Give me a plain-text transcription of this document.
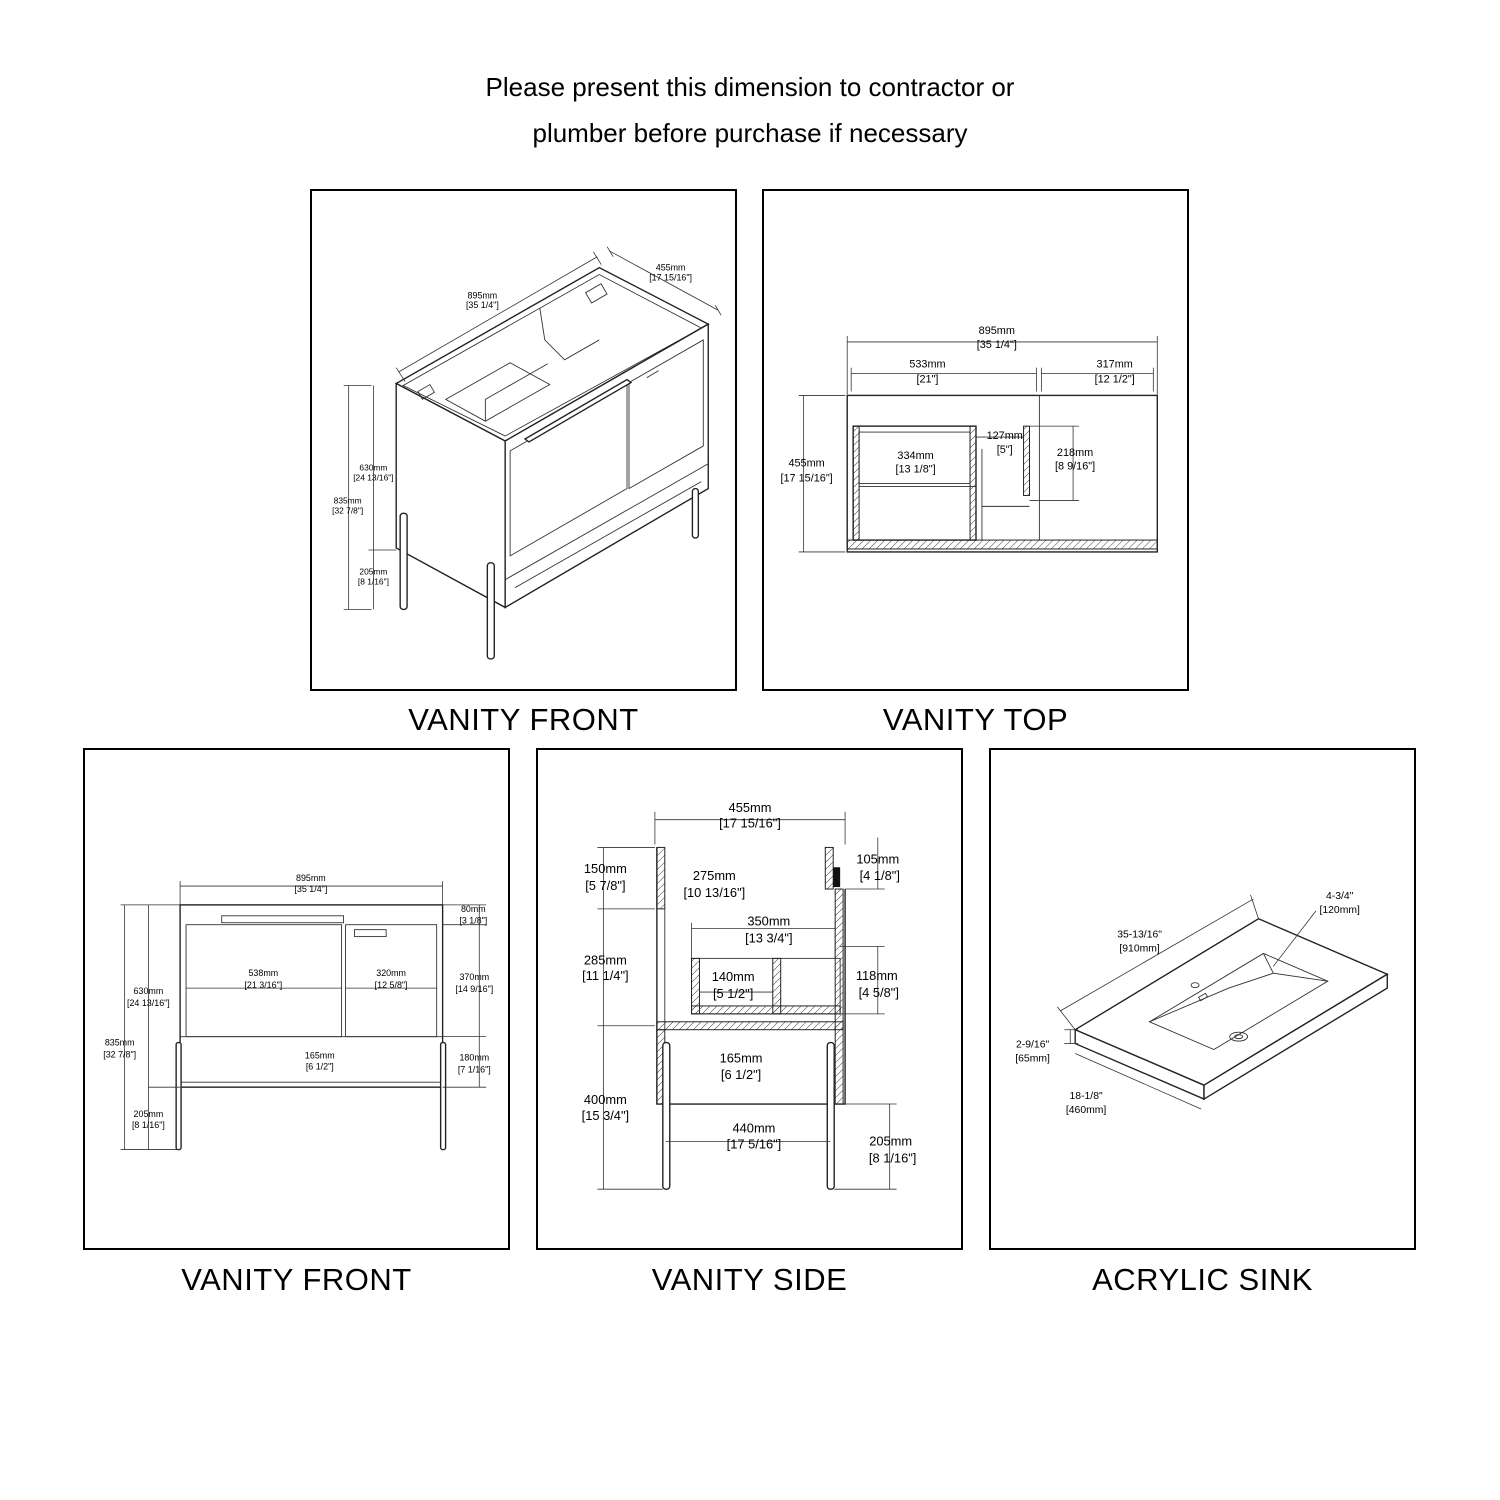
Please present this dimension to contractor or
plumber before purchase if necessary
895mm
[35 1/4"]
455mm
[17 15/16"]
630mm
[24 13/16"]
835mm
[32 7/8"]
205mm
[8 1/16"]
VANITY FRONT
895mm
[35 1/4"]
533mm
[21"]
317mm
[12 1/2"]
455mm
[17 15/16"]
334mm
[13 1/8"]
127mm
[5"]	218mm
[8 9/16"]
VANITY TOP
895mm
[35 1/4"]
538mm
[21 3/16"]
320mm
[12 5/8"]
165mm
[6 1/2"]
80mm
[3 1/8"]
370mm
[14 9/16"]
180mm
[7 1/16"]
630mm
[24 13/16"]
835mm
[32 7/8"]
205mm
[8 1/16"]
VANITY FRONT
455mm
[17 15/16"]
350mm
[13 3/4"]
275mm
[10 13/16"]
140mm
[5 1/2"]
165mm
[6 1/2"]
440mm
[17 5/16"]
150mm
[5 7/8"]
285mm
[11 1/4"]
400mm
[15 3/4"]
105mm
[4 1/8"]
118mm
[4 5/8"]
205mm
[8 1/16"]
VANITY SIDE
35-13/16"
[910mm]
4-3/4"
[120mm]
2-9/16"
[65mm]
18-1/8"
[460mm]
ACRYLIC SINK
